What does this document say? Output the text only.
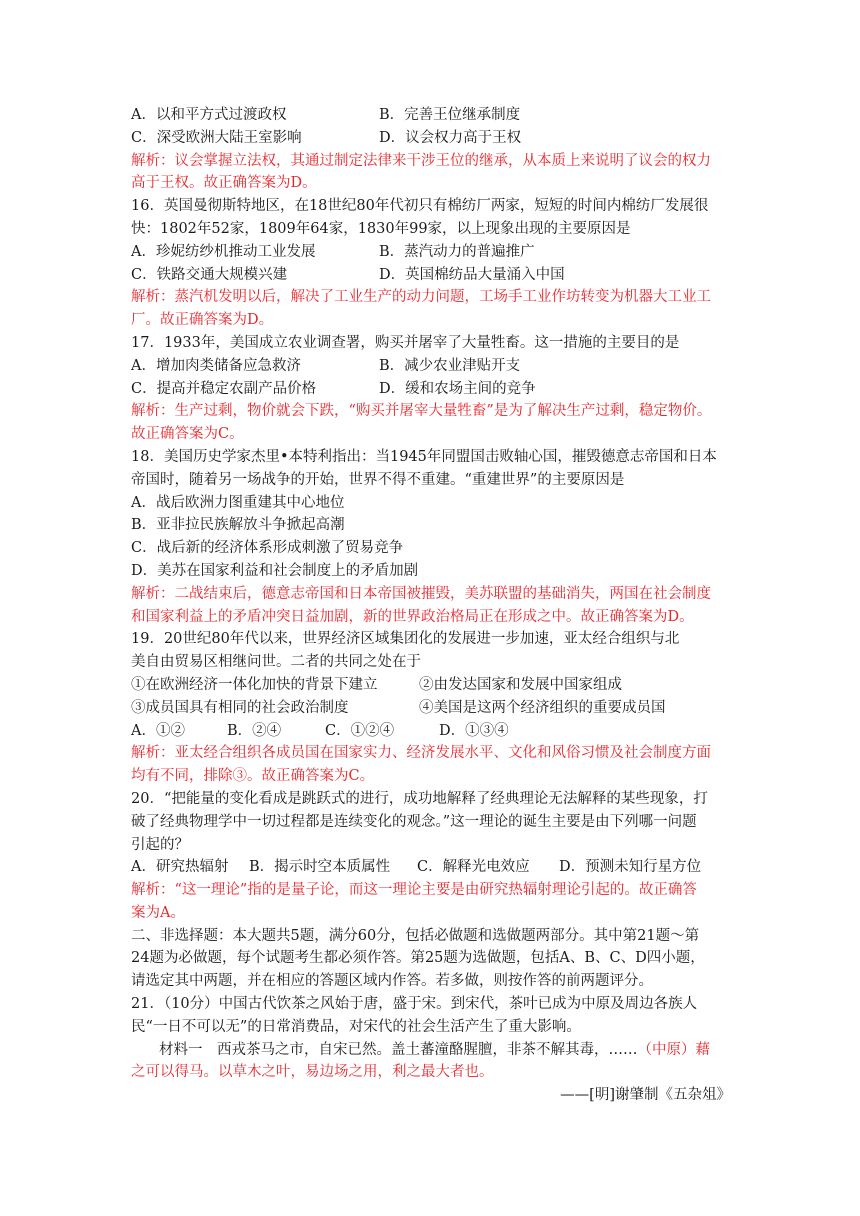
A．以和平方式过渡政权	B．完善王位继承制度
C．深受欧洲大陆王室影响	D．议会权力高于王权
解析：议会掌握立法权，其通过制定法律来干涉王位的继承，从本质上来说明了议会的权力
高于王权。故正确答案为D。
16．英国曼彻斯特地区，在18世纪80年代初只有棉纺厂两家，短短的时间内棉纺厂发展很
快：1802年52家，1809年64家，1830年99家，以上现象出现的主要原因是
A．珍妮纺纱机推动工业发展	B．蒸汽动力的普遍推广
C．铁路交通大规模兴建	D．英国棉纺品大量涌入中国
解析：蒸汽机发明以后，解决了工业生产的动力问题，工场手工业作坊转变为机器大工业工
厂。故正确答案为D。
17．1933年，美国成立农业调查署，购买并屠宰了大量牲畜。这一措施的主要目的是
A．增加肉类储备应急救济	B．减少农业津贴开支
C．提高并稳定农副产品价格	D．缓和农场主间的竞争
解析：生产过剩，物价就会下跌，“购买并屠宰大量牲畜”是为了解决生产过剩，稳定物价。
故正确答案为C。
18．美国历史学家杰里•本特利指出：当1945年同盟国击败轴心国，摧毁德意志帝国和日本
帝国时，随着另一场战争的开始，世界不得不重建。“重建世界”的主要原因是
A．战后欧洲力图重建其中心地位
B．亚非拉民族解放斗争掀起高潮
C．战后新的经济体系形成刺激了贸易竞争
D．美苏在国家利益和社会制度上的矛盾加剧
解析：二战结束后，德意志帝国和日本帝国被摧毁，美苏联盟的基础消失，两国在社会制度
和国家利益上的矛盾冲突日益加剧，新的世界政治格局正在形成之中。故正确答案为D。
19．20世纪80年代以来，世界经济区域集团化的发展进一步加速，亚太经合组织与北
美自由贸易区相继问世。二者的共同之处在于
①在欧洲经济一体化加快的背景下建立	②由发达国家和发展中国家组成
③成员国具有相同的社会政治制度	④美国是这两个经济组织的重要成员国
A．①②	B．②④	C．①②④	D．①③④
解析：亚太经合组织各成员国在国家实力、经济发展水平、文化和风俗习惯及社会制度方面
均有不同，排除③。故正确答案为C。
20．“把能量的变化看成是跳跃式的进行，成功地解释了经典理论无法解释的某些现象，打
破了经典物理学中一切过程都是连续变化的观念。”这一理论的诞生主要是由下列哪一问题
引起的？
A．研究热辐射	B．揭示时空本质属性	C．解释光电效应	D．预测未知行星方位
解析：“这一理论”指的是量子论，而这一理论主要是由研究热辐射理论引起的。故正确答
案为A。
二、非选择题：本大题共5题，满分60分，包括必做题和选做题两部分。其中第21题～第
24题为必做题，每个试题考生都必须作答。第25题为选做题，包括A、B、C、D四小题，
请选定其中两题，并在相应的答题区域内作答。若多做，则按作答的前两题评分。
21．（10分）中国古代饮茶之风始于唐，盛于宋。到宋代，茶叶已成为中原及周边各族人
民“一日不可以无”的日常消费品，对宋代的社会生活产生了重大影响。
材料一　西戎茶马之市，自宋已然。盖土蕃潼酪腥膻，非茶不解其毒，……（中原）藉
之可以得马。以草木之叶，易边场之用，利之最大者也。
——[明]谢肇制《五杂俎》
